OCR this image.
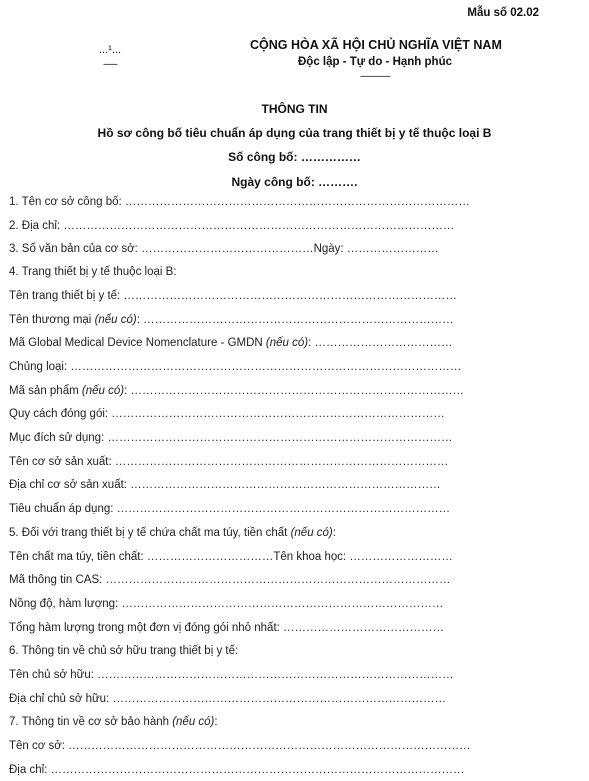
Mẫu số 02.02
...¹...
-------
CỘNG HÒA XÃ HỘI CHỦ NGHĨA VIỆT NAM
Độc lập - Tự do - Hạnh phúc
---------------
THÔNG TIN
Hồ sơ công bố tiêu chuẩn áp dụng của trang thiết bị y tế thuộc loại B
Số công bố: ……………
Ngày công bố: ……….
1. Tên cơ sở công bố: ………………………………………………………………………………
2. Địa chỉ: …………………………………………………………………………………………
3. Số văn bản của cơ sở: ………………………………………Ngày: ……………………
4. Trang thiết bị y tế thuộc loại B:
Tên trang thiết bị y tế: ……………………………………………………………………………
Tên thương mại (nếu có): ………………………………………………………………………
Mã Global Medical Device Nomenclature - GMDN (nếu có): ………………………………
Chủng loại: …………………………………………………………………………………………
Mã sản phẩm (nếu có): ……………………………………………………………………………
Quy cách đóng gói: ……………………………………………………………………………
Mục đích sử dụng: ………………………………………………………………………………
Tên cơ sở sản xuất: ……………………………………………………………………………
Địa chỉ cơ sở sản xuất: ………………………………………………………………………
Tiêu chuẩn áp dụng: ……………………………………………………………………………
5. Đối với trang thiết bị y tế chứa chất ma túy, tiền chất (nếu có):
Tên chất ma túy, tiền chất: ……………………………Tên khoa học: ………………………
Mã thông tin CAS: ………………………………………………………………………………
Nồng độ, hàm lượng: …………………………………………………………………………
Tổng hàm lượng trong một đơn vị đóng gói nhỏ nhất: ……………………………………
6. Thông tin về chủ sở hữu trang thiết bị y tế:
Tên chủ sở hữu: …………………………………………………………………………………
Địa chỉ chủ sở hữu: ……………………………………………………………………………
7. Thông tin về cơ sở bảo hành (nếu có):
Tên cơ sở: ……………………………………………………………………………………………
Địa chỉ: ………………………………………………………………………………………………
